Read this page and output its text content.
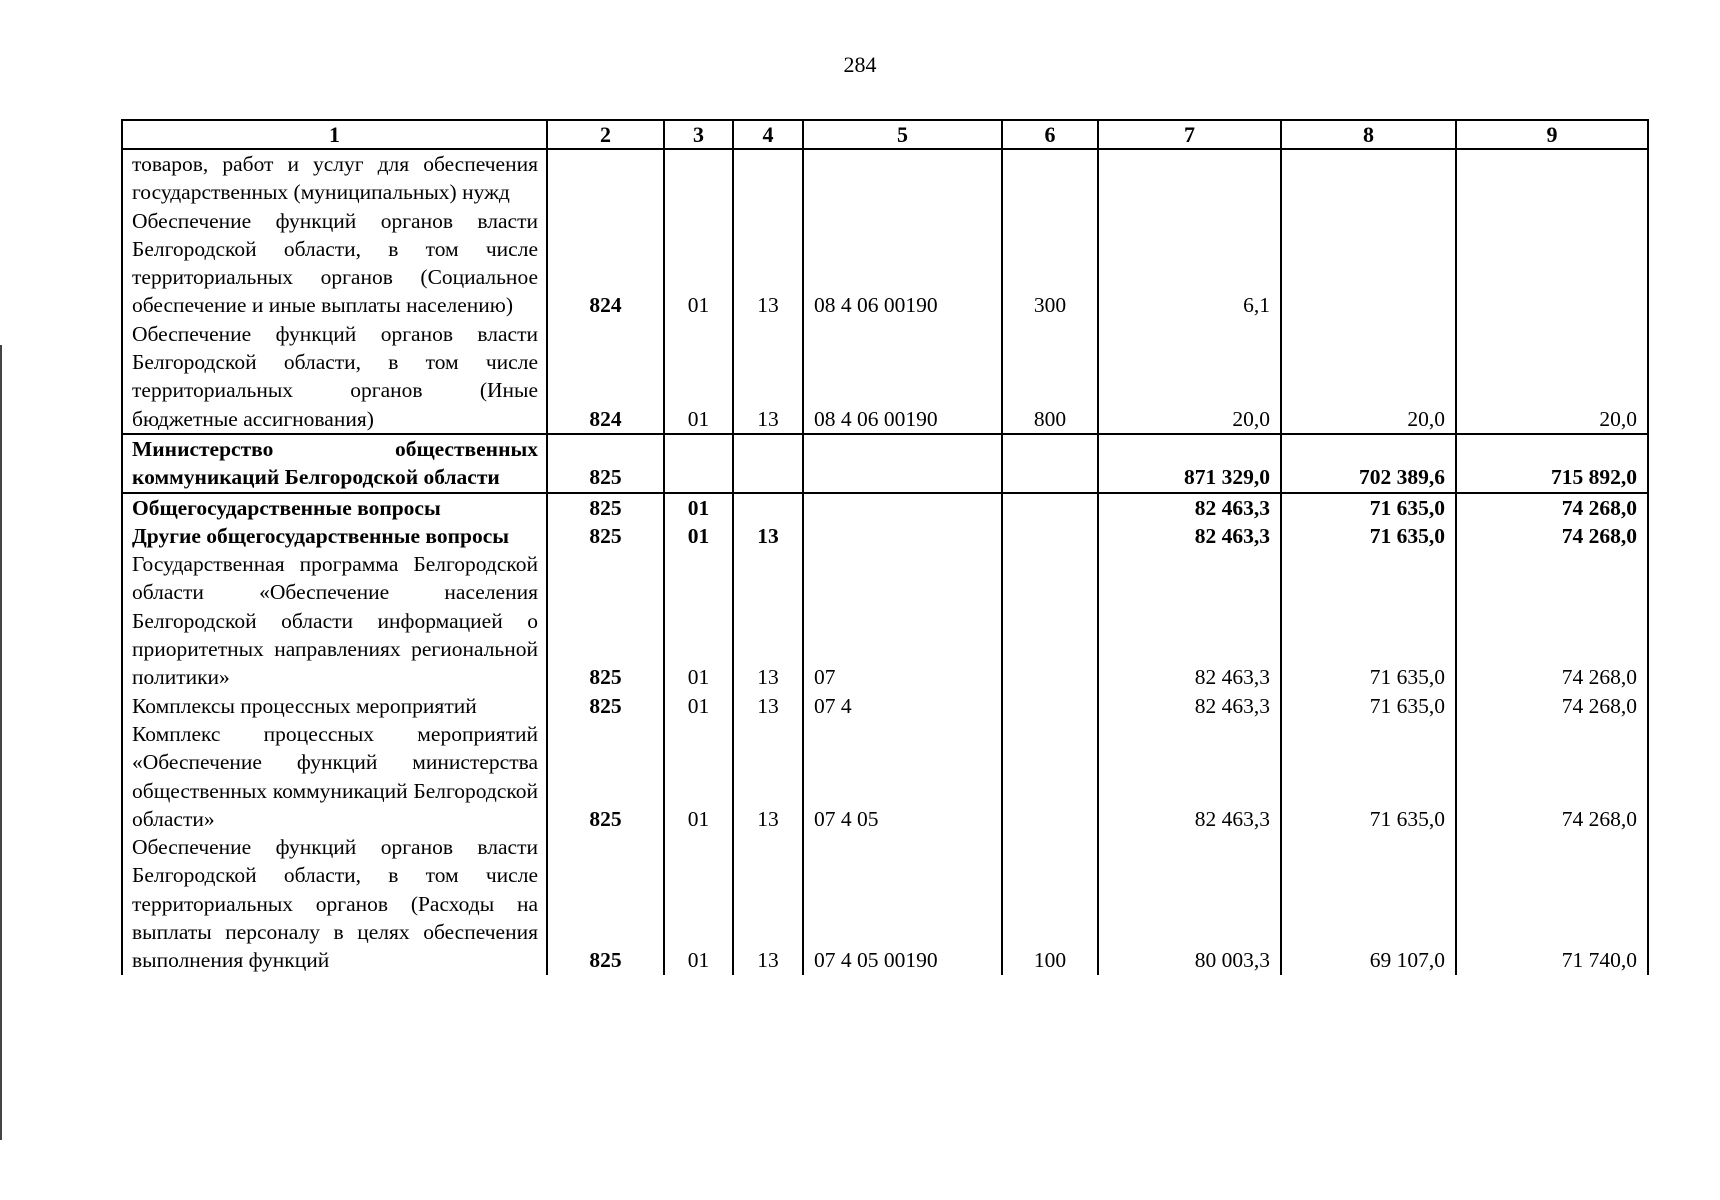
284
1	2	3	4	5	6	7	8	9
товаров, работ и услуг для обеспечения государственных (муниципальных) нужд								
Обеспечение функций органов власти Белгородской области, в том числе территориальных органов (Социальное обеспечение и иные выплаты населению)	824	01	13	08 4 06 00190	300	6,1		
Обеспечение функций органов власти Белгородской области, в том числе территориальных органов (Иные бюджетные ассигнования)	824	01	13	08 4 06 00190	800	20,0	20,0	20,0
Министерство общественных коммуникаций Белгородской области	825					871 329,0	702 389,6	715 892,0
Общегосударственные вопросы	825	01				82 463,3	71 635,0	74 268,0
Другие общегосударственные вопросы	825	01	13			82 463,3	71 635,0	74 268,0
Государственная программа Белгородской области «Обеспечение населения Белгородской области информацией о приоритетных направлениях региональной политики»	825	01	13	07		82 463,3	71 635,0	74 268,0
Комплексы процессных мероприятий	825	01	13	07 4		82 463,3	71 635,0	74 268,0
Комплекс процессных мероприятий «Обеспечение функций министерства общественных коммуникаций Белгородской области»	825	01	13	07 4 05		82 463,3	71 635,0	74 268,0
Обеспечение функций органов власти Белгородской области, в том числе территориальных органов (Расходы на выплаты персоналу в целях обеспечения выполнения функций	825	01	13	07 4 05 00190	100	80 003,3	69 107,0	71 740,0
